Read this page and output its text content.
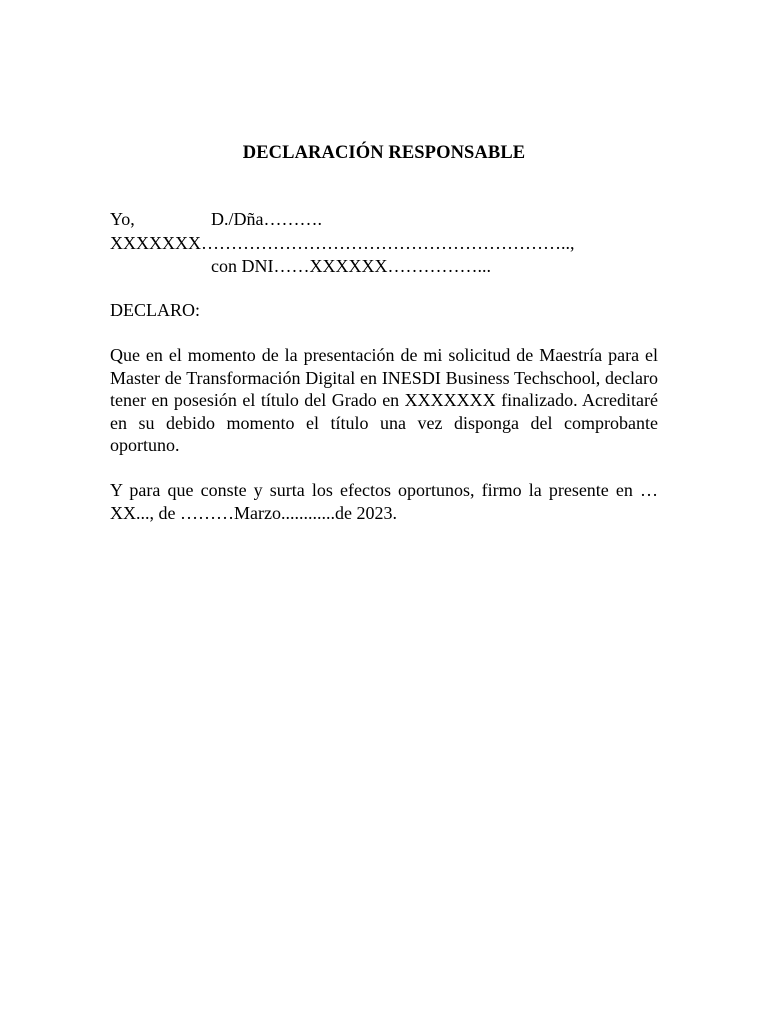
DECLARACIÓN RESPONSABLE
Yo,	D./Dña……….
XXXXXXX……………………………………………………..,
con DNI……XXXXXX……………...
DECLARO:
Que en el momento de la presentación de mi solicitud de Maestría para el Master de Transformación Digital en INESDI Business Techschool, declaro tener en posesión el título del Grado en XXXXXXX finalizado. Acreditaré en su debido momento el título una vez disponga del comprobante oportuno.
Y para que conste y surta los efectos oportunos, firmo la presente en …XX..., de ………Marzo............de 2023.
